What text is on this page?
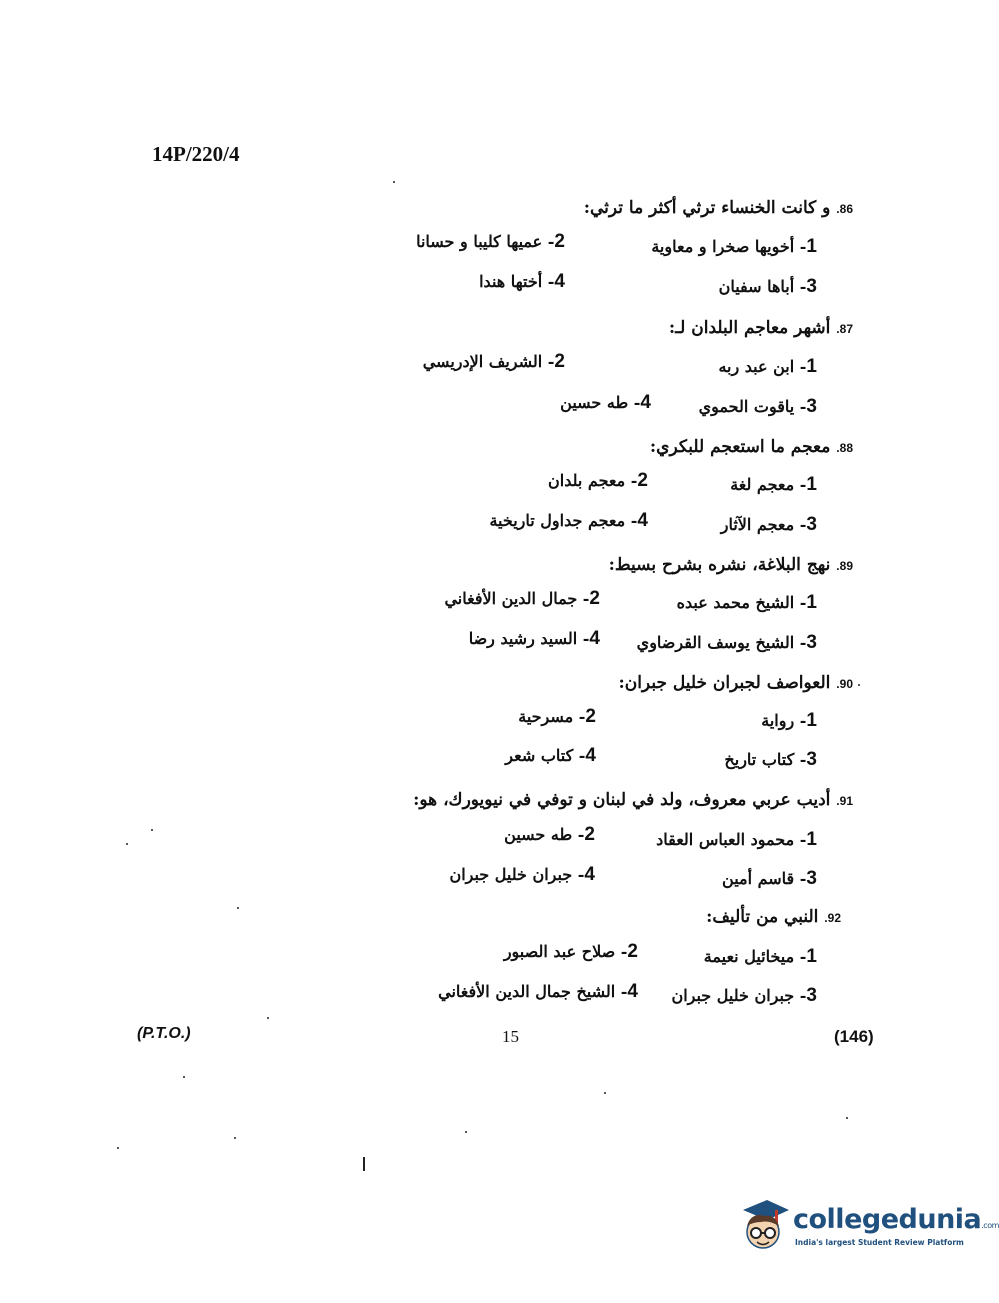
14P/220/4
86. و كانت الخنساء ترثي أكثر ما ترثي:
1- أخويها صخرا و معاوية
2- عميها كليبا و حسانا
3- أباها سفيان
4- أختها هندا
87. أشهر معاجم البلدان لـ:
1- ابن عبد ربه
2- الشريف الإدريسي
3- ياقوت الحموي
4- طه حسين
88. معجم ما استعجم للبكري:
1- معجم لغة
2- معجم بلدان
3- معجم الآثار
4- معجم جداول تاريخية
89. نهج البلاغة، نشره بشرح بسيط:
1- الشيخ محمد عبده
2- جمال الدين الأفغاني
3- الشيخ يوسف القرضاوي
4- السيد رشيد رضا
90. العواصف لجبران خليل جبران:
1- رواية
2- مسرحية
3- كتاب تاريخ
4- كتاب شعر
91. أديب عربي معروف، ولد في لبنان و توفي في نيويورك، هو:
1- محمود العباس العقاد
2- طه حسين
3- قاسم أمين
4- جبران خليل جبران
92. النبي من تأليف:
1- ميخائيل نعيمة
2- صلاح عبد الصبور
3- جبران خليل جبران
4- الشيخ جمال الدين الأفغاني
(P.T.O.)	15	(146)
collegedunia.com
India's largest Student Review Platform
